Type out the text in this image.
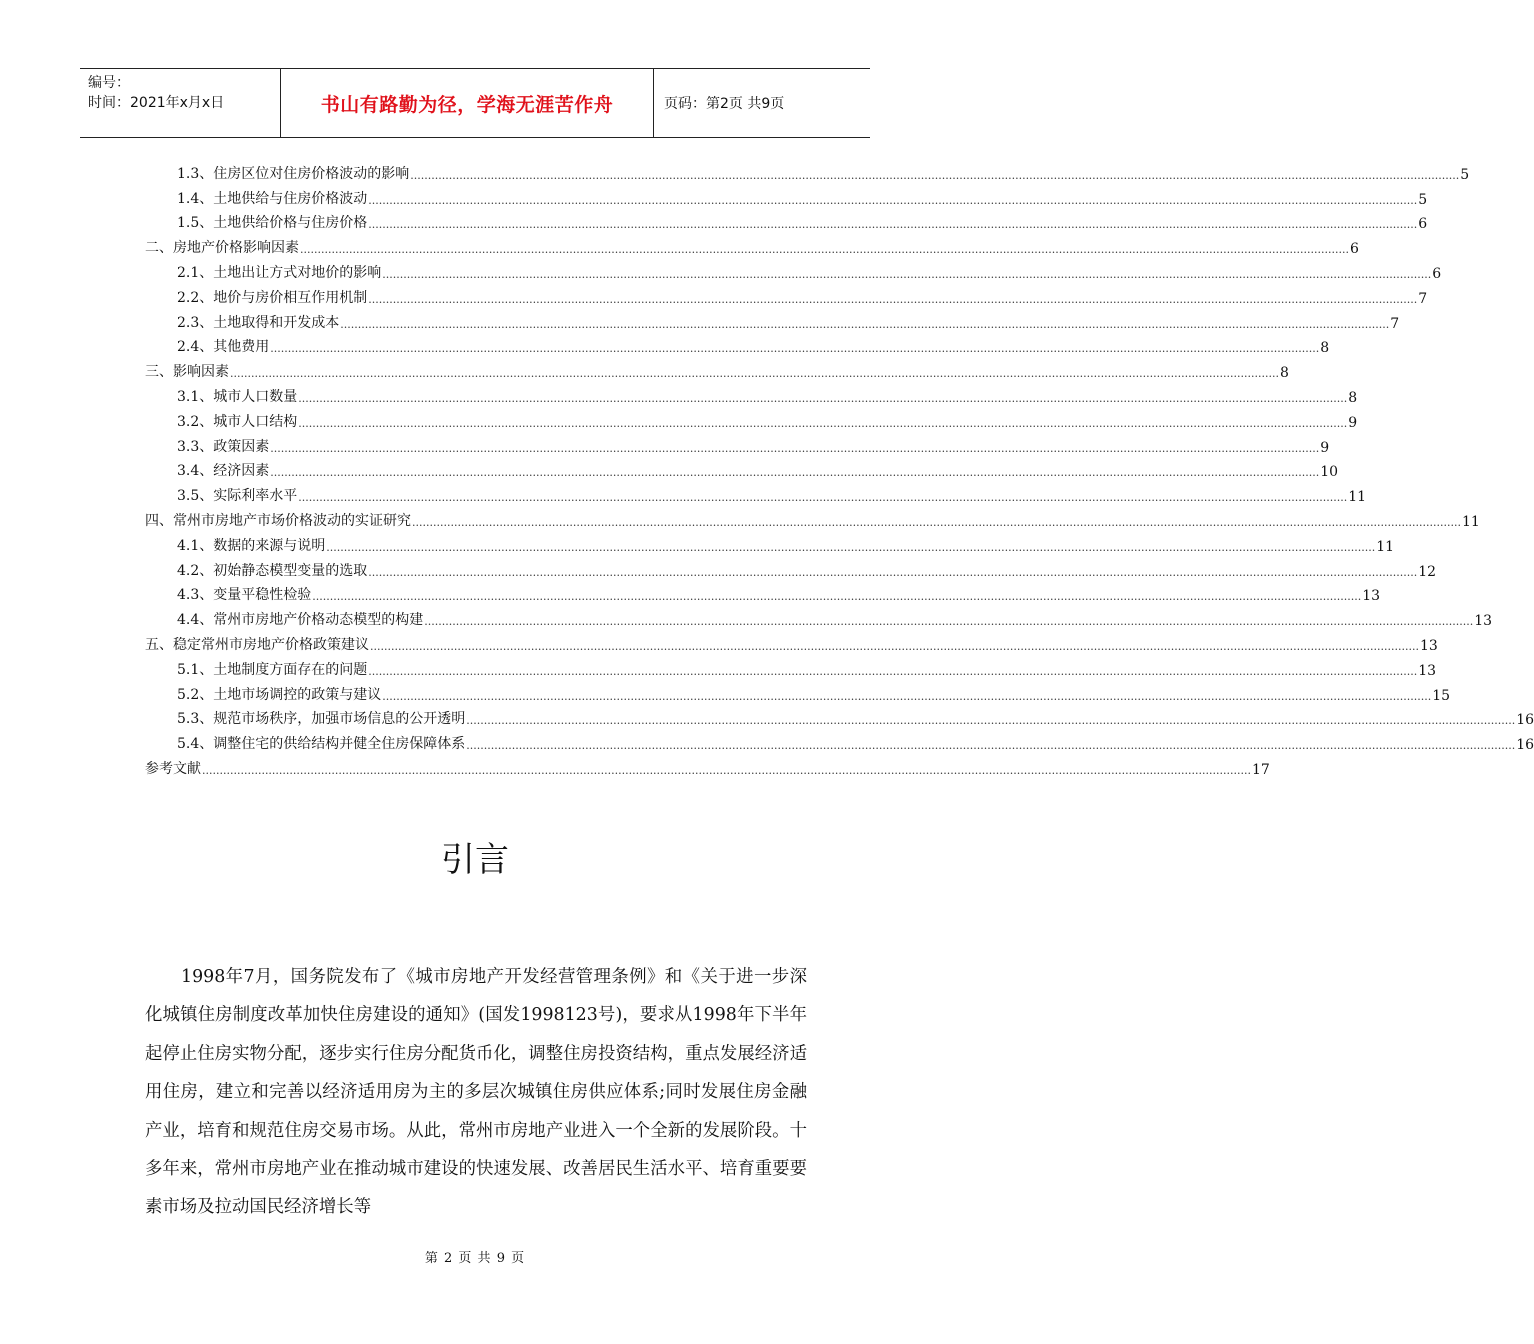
编号：
时间：2021年x月x日	书山有路勤为径，学海无涯苦作舟	页码：第2页 共9页
1.3、住房区位对住房价格波动的影响 ............................................................................................................................................................................................................................................................................................................ 5
1.4、土地供给与住房价格波动 ............................................................................................................................................................................................................................................................................................................ 5
1.5、土地供给价格与住房价格 ............................................................................................................................................................................................................................................................................................................ 6
二、房地产价格影响因素 ............................................................................................................................................................................................................................................................................................................ 6
2.1、土地出让方式对地价的影响 ............................................................................................................................................................................................................................................................................................................ 6
2.2、地价与房价相互作用机制 ............................................................................................................................................................................................................................................................................................................ 7
2.3、土地取得和开发成本 ............................................................................................................................................................................................................................................................................................................ 7
2.4、其他费用 ............................................................................................................................................................................................................................................................................................................ 8
三、影响因素 ............................................................................................................................................................................................................................................................................................................ 8
3.1、城市人口数量 ............................................................................................................................................................................................................................................................................................................ 8
3.2、城市人口结构 ............................................................................................................................................................................................................................................................................................................ 9
3.3、政策因素 ............................................................................................................................................................................................................................................................................................................ 9
3.4、经济因素 ............................................................................................................................................................................................................................................................................................................ 10
3.5、实际利率水平 ............................................................................................................................................................................................................................................................................................................ 11
四、常州市房地产市场价格波动的实证研究 ............................................................................................................................................................................................................................................................................................................ 11
4.1、数据的来源与说明 ............................................................................................................................................................................................................................................................................................................ 11
4.2、初始静态模型变量的选取 ............................................................................................................................................................................................................................................................................................................ 12
4.3、变量平稳性检验 ............................................................................................................................................................................................................................................................................................................ 13
4.4、常州市房地产价格动态模型的构建 ............................................................................................................................................................................................................................................................................................................ 13
五、稳定常州市房地产价格政策建议 ............................................................................................................................................................................................................................................................................................................ 13
5.1、土地制度方面存在的问题 ............................................................................................................................................................................................................................................................................................................ 13
5.2、土地市场调控的政策与建议 ............................................................................................................................................................................................................................................................................................................ 15
5.3、规范市场秩序，加强市场信息的公开透明 ............................................................................................................................................................................................................................................................................................................ 16
5.4、调整住宅的供给结构并健全住房保障体系 ............................................................................................................................................................................................................................................................................................................ 16
参考文献 ............................................................................................................................................................................................................................................................................................................ 17
引言

1998年7月，国务院发布了《城市房地产开发经营管理条例》和《关于进一步深化城镇住房制度改革加快住房建设的通知》(国发1998123号)，要求从1998年下半年起停止住房实物分配，逐步实行住房分配货币化，调整住房投资结构，重点发展经济适用住房，建立和完善以经济适用房为主的多层次城镇住房供应体系;同时发展住房金融产业，培育和规范住房交易市场。从此，常州市房地产业进入一个全新的发展阶段。十多年来，常州市房地产业在推动城市建设的快速发展、改善居民生活水平、培育重要要素市场及拉动国民经济增长等

第 2 页 共 9 页
